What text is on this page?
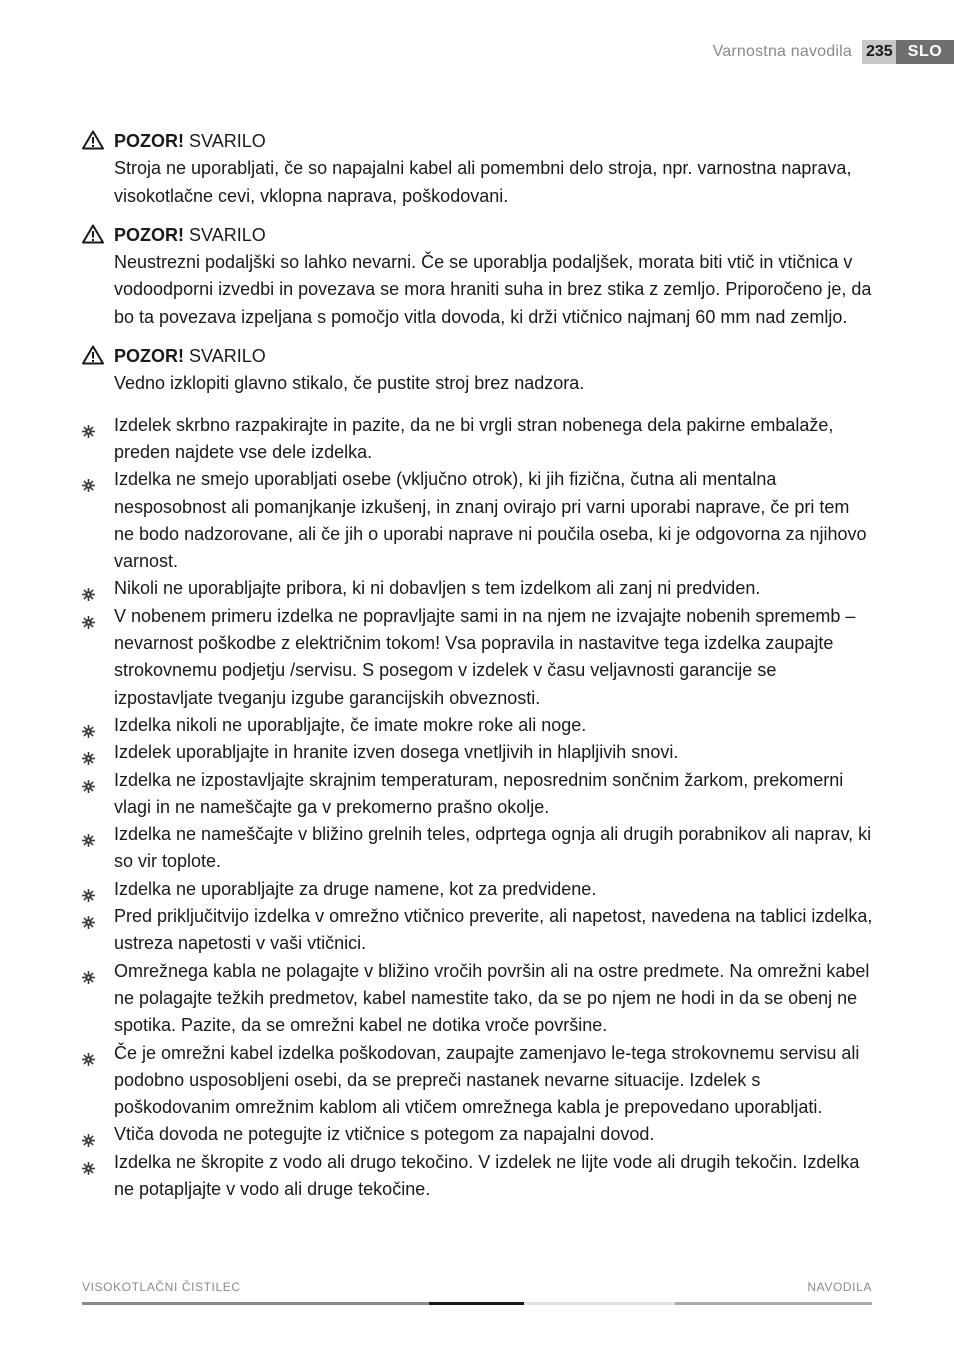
Varnostna navodila 235 SLO
POZOR! SVARILO
Stroja ne uporabljati, če so napajalni kabel ali pomembni delo stroja, npr. varnostna naprava, visokotlačne cevi, vklopna naprava, poškodovani.
POZOR! SVARILO
Neustrezni podaljški so lahko nevarni. Če se uporablja podaljšek, morata biti vtič in vtičnica v vodoodporni izvedbi in povezava se mora hraniti suha in brez stika z zemljo. Priporočeno je, da bo ta povezava izpeljana s pomočjo vitla dovoda, ki drži vtičnico najmanj 60 mm nad zemljo.
POZOR! SVARILO
Vedno izklopiti glavno stikalo, če pustite stroj brez nadzora.
Izdelek skrbno razpakirajte in pazite, da ne bi vrgli stran nobenega dela pakirne embalaže, preden najdete vse dele izdelka.
Izdelka ne smejo uporabljati osebe (vključno otrok), ki jih fizična, čutna ali mentalna nesposobnost ali pomanjkanje izkušenj, in znanj ovirajo pri varni uporabi naprave, če pri tem ne bodo nadzorovane, ali če jih o uporabi naprave ni poučila oseba, ki je odgovorna za njihovo varnost.
Nikoli ne uporabljajte pribora, ki ni dobavljen s tem izdelkom ali zanj ni predviden.
V nobenem primeru izdelka ne popravljajte sami in na njem ne izvajajte nobenih sprememb – nevarnost poškodbe z električnim tokom! Vsa popravila in nastavitve tega izdelka zaupajte strokovnemu podjetju /servisu. S posegom v izdelek v času veljavnosti garancije se izpostavljate tveganju izgube garancijskih obveznosti.
Izdelka nikoli ne uporabljajte, če imate mokre roke ali noge.
Izdelek uporabljajte in hranite izven dosega vnetljivih in hlapljivih snovi.
Izdelka ne izpostavljajte skrajnim temperaturam, neposrednim sončnim žarkom, prekomerni vlagi in ne nameščajte ga v prekomerno prašno okolje.
Izdelka ne nameščajte v bližino grelnih teles, odprtega ognja ali drugih porabnikov ali naprav, ki so vir toplote.
Izdelka ne uporabljajte za druge namene, kot za predvidene.
Pred priključitvijo izdelka v omrežno vtičnico preverite, ali napetost, navedena na tablici izdelka, ustreza napetosti v vaši vtičnici.
Omrežnega kabla ne polagajte v bližino vročih površin ali na ostre predmete. Na omrežni kabel ne polagajte težkih predmetov, kabel namestite tako, da se po njem ne hodi in da se obenj ne spotika. Pazite, da se omrežni kabel ne dotika vroče površine.
Če je omrežni kabel izdelka poškodovan, zaupajte zamenjavo le-tega strokovnemu servisu ali podobno usposobljeni osebi, da se prepreči nastanek nevarne situacije. Izdelek s poškodovanim omrežnim kablom ali vtičem omrežnega kabla je prepovedano uporabljati.
Vtiča dovoda ne potegujte iz vtičnice s potegom za napajalni dovod.
Izdelka ne škropite z vodo ali drugo tekočino. V izdelek ne lijte vode ali drugih tekočin. Izdelka ne potapljajte v vodo ali druge tekočine.
VISOKOTLAČNI ČISTILEC	NAVODILA
